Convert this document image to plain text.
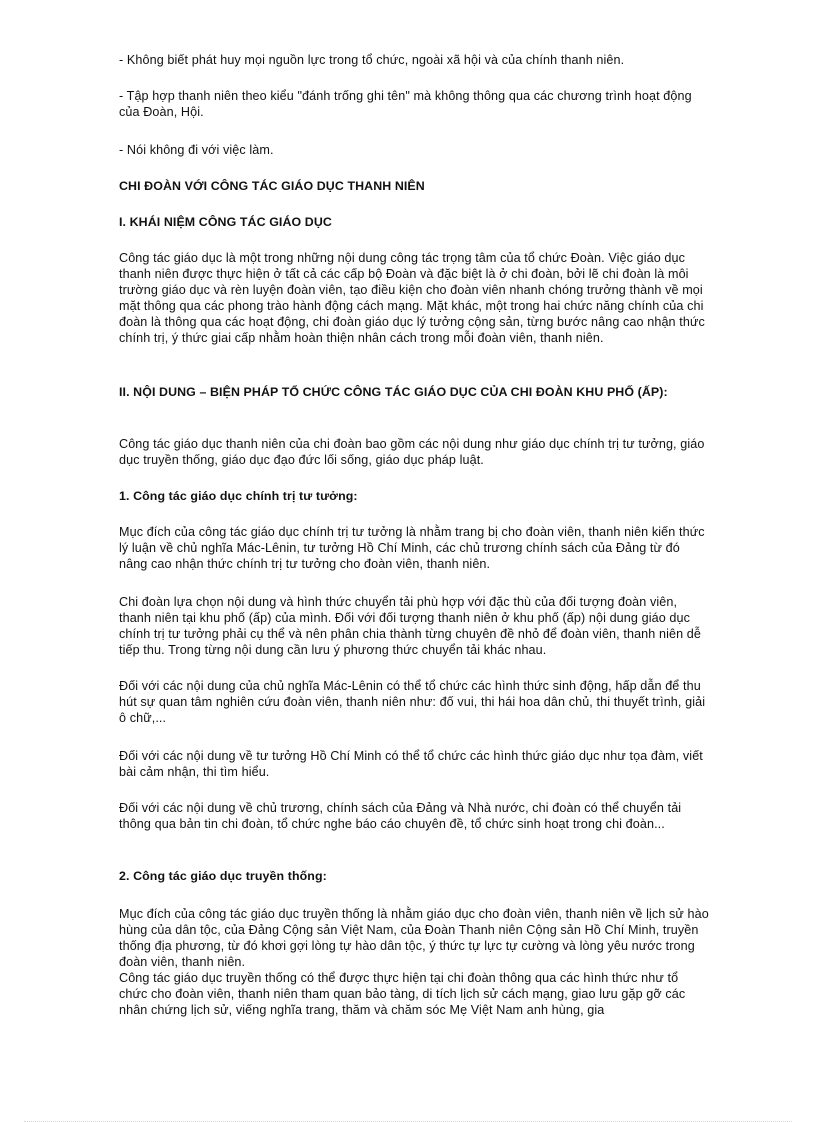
- Không biết phát huy mọi nguồn lực trong tổ chức, ngoài xã hội và của chính thanh niên.

- Tập hợp thanh niên theo kiểu "đánh trống ghi tên" mà không thông qua các chương trình hoạt động của Đoàn, Hội.

- Nói không đi với việc làm.

CHI ĐOÀN VỚI CÔNG TÁC GIÁO DỤC THANH NIÊN

I. KHÁI NIỆM CÔNG TÁC GIÁO DỤC

Công tác giáo dục là một trong những nội dung công tác trọng tâm của tổ chức Đoàn. Việc giáo dục thanh niên được thực hiện ở tất cả các cấp bộ Đoàn và đặc biệt là ở chi đoàn, bởi lẽ chi đoàn là môi trường giáo dục và rèn luyện đoàn viên, tạo điều kiện cho đoàn viên nhanh chóng trưởng thành về mọi mặt thông qua các phong trào hành động cách mạng. Mặt khác, một trong hai chức năng chính của chi đoàn là thông qua các hoạt động, chi đoàn giáo dục lý tưởng cộng sản, từng bước nâng cao nhận thức chính trị, ý thức giai cấp nhằm hoàn thiện nhân cách trong mỗi đoàn viên, thanh niên.

II. NỘI DUNG – BIỆN PHÁP TỔ CHỨC CÔNG TÁC GIÁO DỤC CỦA CHI ĐOÀN KHU PHỐ (ẤP):

Công tác giáo dục thanh niên của chi đoàn bao gồm các nội dung như giáo dục chính trị tư tưởng, giáo dục truyền thống, giáo dục đạo đức lối sống, giáo dục pháp luật.

1. Công tác giáo dục chính trị tư tưởng:

Mục đích của công tác giáo dục chính trị tư tưởng là nhằm trang bị cho đoàn viên, thanh niên kiến thức lý luận về chủ nghĩa Mác-Lênin, tư tưởng Hồ Chí Minh, các chủ trương chính sách của Đảng từ đó nâng cao nhận thức chính trị tư tưởng cho đoàn viên, thanh niên.

Chi đoàn lựa chọn nội dung và hình thức chuyển tải phù hợp với đặc thù của đối tượng đoàn viên, thanh niên tại khu phố (ấp) của mình. Đối với đối tượng thanh niên ở khu phố (ấp) nội dung giáo dục chính trị tư tưởng phải cụ thể và nên phân chia thành từng chuyên đề nhỏ để đoàn viên, thanh niên dễ tiếp thu. Trong từng nội dung cần lưu ý phương thức chuyển tải khác nhau.

Đối với các nội dung của chủ nghĩa Mác-Lênin có thể tổ chức các hình thức sinh động, hấp dẫn để thu hút sự quan tâm nghiên cứu đoàn viên, thanh niên như: đố vui, thi hái hoa dân chủ, thi thuyết trình, giải ô chữ,...

Đối với các nội dung về tư tưởng Hồ Chí Minh có thể tổ chức các hình thức giáo dục như tọa đàm, viết bài cảm nhận, thi tìm hiểu.

Đối với các nội dung về chủ trương, chính sách của Đảng và Nhà nước, chi đoàn có thể chuyển tải thông qua bản tin chi đoàn, tổ chức nghe báo cáo chuyên đề, tổ chức sinh hoạt trong chi đoàn...

2. Công tác giáo dục truyền thống:

Mục đích của công tác giáo dục truyền thống là nhằm giáo dục cho đoàn viên, thanh niên về lịch sử hào hùng của dân tộc, của Đảng Cộng sản Việt Nam, của Đoàn Thanh niên Cộng sản Hồ Chí Minh, truyền thống địa phương, từ đó khơi gợi lòng tự hào dân tộc, ý thức tự lực tự cường và lòng yêu nước trong đoàn viên, thanh niên.

Công tác giáo dục truyền thống có thể được thực hiện tại chi đoàn thông qua các hình thức như tổ chức cho đoàn viên, thanh niên tham quan bảo tàng, di tích lịch sử cách mạng, giao lưu gặp gỡ các nhân chứng lịch sử, viếng nghĩa trang, thăm và chăm sóc Mẹ Việt Nam anh hùng, gia
